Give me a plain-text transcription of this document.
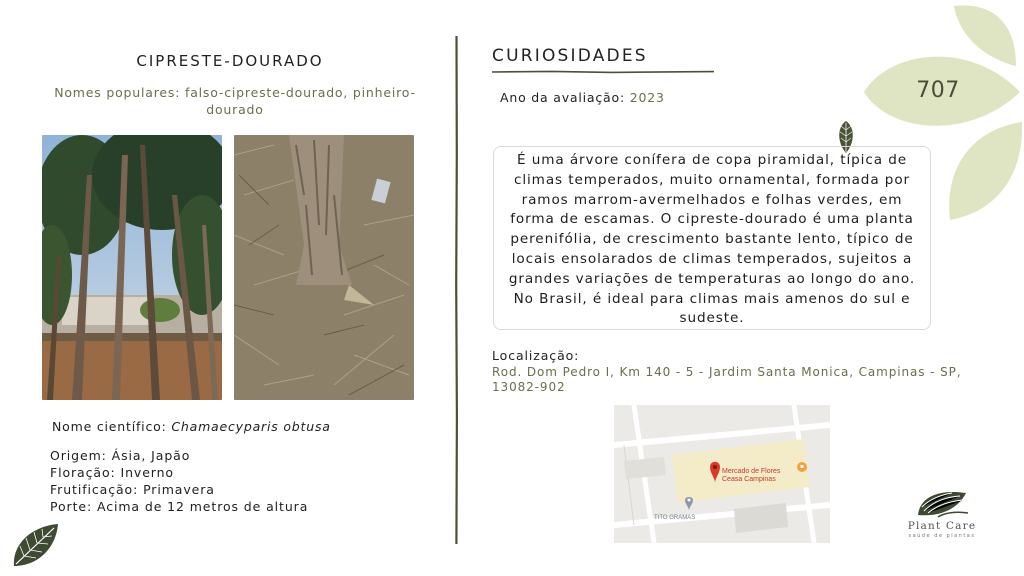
CIPRESTE-DOURADO
Nomes populares: falso-cipreste-dourado, pinheiro-dourado
Nome científico: Chamaecyparis obtusa
Origem: Ásia, Japão
Floração: Inverno
Frutificação: Primavera
Porte: Acima de 12 metros de altura
CURIOSIDADES
Ano da avaliação: 2023
É uma árvore conífera de copa piramidal, típica de climas temperados, muito ornamental, formada por ramos marrom-avermelhados e folhas verdes, em forma de escamas. O cipreste-dourado é uma planta perenifólia, de crescimento bastante lento, típico de locais ensolarados de climas temperados, sujeitos a grandes variações de temperaturas ao longo do ano. No Brasil, é ideal para climas mais amenos do sul e sudeste.
Localização:
Rod. Dom Pedro I, Km 140 - 5 - Jardim Santa Monica, Campinas - SP, 13082-902
Mercado de Flores
Ceasa Campinas
TITO GRAMAS
707
Plant Care
saúde de plantas
